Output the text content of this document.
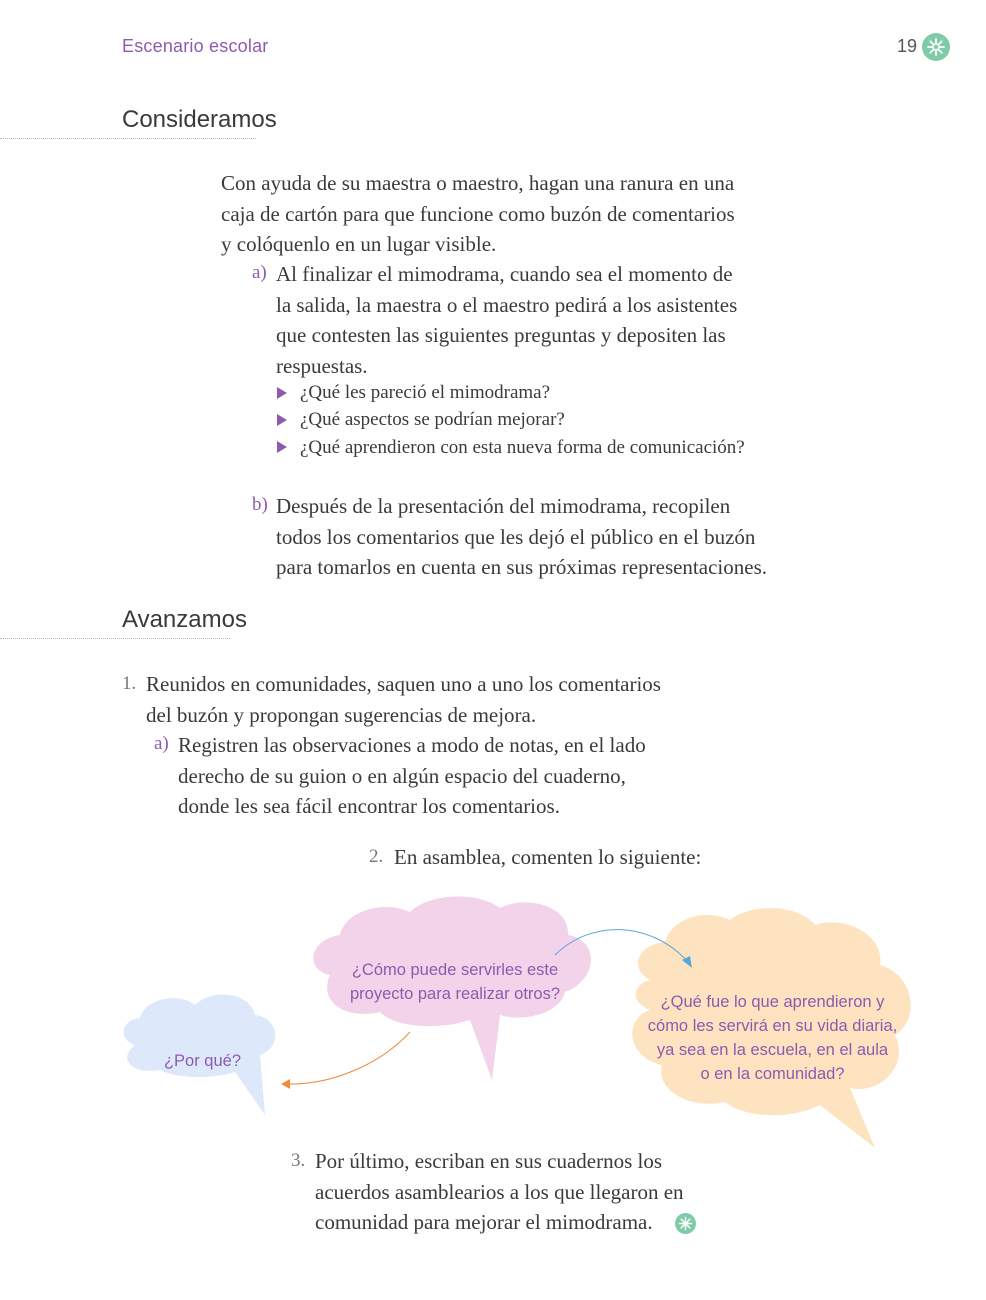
Escenario escolar	19
Consideramos
Con ayuda de su maestra o maestro, hagan una ranura en una
caja de cartón para que funcione como buzón de comentarios
y colóquenlo en un lugar visible.
a) Al finalizar el mimodrama, cuando sea el momento de
la salida, la maestra o el maestro pedirá a los asistentes
que contesten las siguientes preguntas y depositen las
respuestas.
¿Qué les pareció el mimodrama?
¿Qué aspectos se podrían mejorar?
¿Qué aprendieron con esta nueva forma de comunicación?
b) Después de la presentación del mimodrama, recopilen
todos los comentarios que les dejó el público en el buzón
para tomarlos en cuenta en sus próximas representaciones.
Avanzamos
1. Reunidos en comunidades, saquen uno a uno los comentarios
del buzón y propongan sugerencias de mejora.
a) Registren las observaciones a modo de notas, en el lado
derecho de su guion o en algún espacio del cuaderno,
donde les sea fácil encontrar los comentarios.
2. En asamblea, comenten lo siguiente:
¿Cómo puede servirles este
proyecto para realizar otros?
¿Por qué?
¿Qué fue lo que aprendieron y
cómo les servirá en su vida diaria,
ya sea en la escuela, en el aula
o en la comunidad?
3. Por último, escriban en sus cuadernos los
acuerdos asamblearios a los que llegaron en
comunidad para mejorar el mimodrama.
